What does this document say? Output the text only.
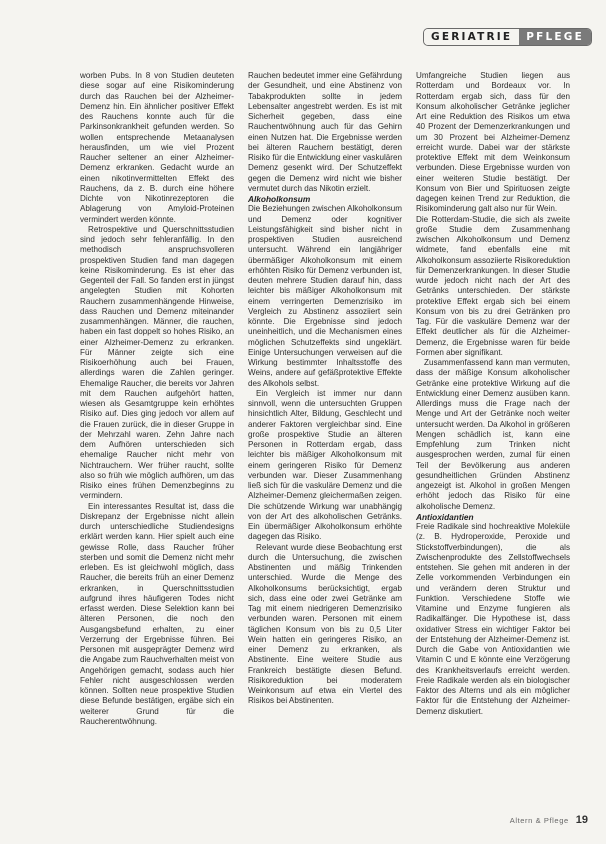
GERIATRIE	PFLEGE

worben Pubs. In 8 von Studien deuteten diese sogar auf eine Risikominderung durch das Rauchen bei der Alzheimer-Demenz hin. Ein ähnlicher positiver Effekt des Rauchens konnte auch für die Parkinsonkrankheit gefunden werden. So wollen entsprechende Metaanalysen herausfinden, um wie viel Prozent Raucher seltener an einer Alzheimer-Demenz erkranken. Gedacht wurde an einen nikotinvermittelten Effekt des Rauchens, da z. B. durch eine höhere Dichte von Nikotinrezeptoren die Ablagerung von Amyloid-Proteinen vermindert werden könnte.

Retrospektive und Querschnittsstudien sind jedoch sehr fehleranfällig. In den methodisch anspruchsvolleren prospektiven Studien fand man dagegen keine Risikominderung. Es ist eher das Gegenteil der Fall. So fanden erst in jüngst angelegten Studien mit Kohorten Rauchern zusammenhängende Hinweise, dass Rauchen und Demenz miteinander zusammenhängen. Männer, die rauchen, haben ein fast doppelt so hohes Risiko, an einer Alzheimer-Demenz zu erkranken. Für Männer zeigte sich eine Risikoerhöhung auch bei Frauen, allerdings waren die Zahlen geringer. Ehemalige Raucher, die bereits vor Jahren mit dem Rauchen aufgehört hatten, wiesen als Gesamtgruppe kein erhöhtes Risiko auf. Dies ging jedoch vor allem auf die Frauen zurück, die in dieser Gruppe in der Mehrzahl waren. Zehn Jahre nach dem Aufhören unterschieden sich ehemalige Raucher nicht mehr von Nichtrauchern. Wer früher raucht, sollte also so früh wie möglich aufhören, um das Risiko eines frühen Demenzbeginns zu vermindern.

Ein interessantes Resultat ist, dass die Diskrepanz der Ergebnisse nicht allein durch unterschiedliche Studiendesigns erklärt werden kann. Hier spielt auch eine gewisse Rolle, dass Raucher früher sterben und somit die Demenz nicht mehr erleben. Es ist gleichwohl möglich, dass Raucher, die bereits früh an einer Demenz erkranken, in Querschnittsstudien aufgrund ihres häufigeren Todes nicht erfasst werden. Diese Selektion kann bei älteren Personen, die noch den Ausgangsbefund erhalten, zu einer Verzerrung der Ergebnisse führen. Bei Personen mit ausgeprägter Demenz wird die Angabe zum Rauchverhalten meist von Angehörigen gemacht, sodass auch hier Fehler nicht ausgeschlossen werden können. Sollten neue prospektive Studien diese Befunde bestätigen, ergäbe sich ein weiterer Grund für die Raucherentwöhnung.

Rauchen bedeutet immer eine Gefährdung der Gesundheit, und eine Abstinenz von Tabakprodukten sollte in jedem Lebensalter angestrebt werden. Es ist mit Sicherheit gegeben, dass eine Rauchentwöhnung auch für das Gehirn einen Nutzen hat. Die Ergebnisse werden bei älteren Rauchern bestätigt, deren Risiko für die Entwicklung einer vaskulären Demenz gesenkt wird. Der Schutzeffekt gegen die Demenz wird nicht wie bisher vermutet durch das Nikotin erzielt.

Alkoholkonsum

Die Beziehungen zwischen Alkoholkonsum und Demenz oder kognitiver Leistungsfähigkeit sind bisher nicht in prospektiven Studien ausreichend untersucht. Während ein langjähriger übermäßiger Alkoholkonsum mit einem erhöhten Risiko für Demenz verbunden ist, deuten mehrere Studien darauf hin, dass leichter bis mäßiger Alkoholkonsum mit einem verringerten Demenzrisiko im Vergleich zu Abstinenz assoziiert sein könnte. Die Ergebnisse sind jedoch uneinheitlich, und die Mechanismen eines möglichen Schutzeffekts sind ungeklärt. Einige Untersuchungen verweisen auf die Wirkung bestimmter Inhaltsstoffe des Weins, andere auf gefäßprotektive Effekte des Alkohols selbst.

Ein Vergleich ist immer nur dann sinnvoll, wenn die untersuchten Gruppen hinsichtlich Alter, Bildung, Geschlecht und anderer Faktoren vergleichbar sind. Eine große prospektive Studie an älteren Personen in Rotterdam ergab, dass leichter bis mäßiger Alkoholkonsum mit einem geringeren Risiko für Demenz verbunden war. Dieser Zusammenhang ließ sich für die vaskuläre Demenz und die Alzheimer-Demenz gleichermaßen zeigen. Die schützende Wirkung war unabhängig von der Art des alkoholischen Getränks. Ein übermäßiger Alkoholkonsum erhöhte dagegen das Risiko.

Relevant wurde diese Beobachtung erst durch die Untersuchung, die zwischen Abstinenten und mäßig Trinkenden unterschied. Wurde die Menge des Alkoholkonsums berücksichtigt, ergab sich, dass eine oder zwei Getränke am Tag mit einem niedrigeren Demenzrisiko verbunden waren. Personen mit einem täglichen Konsum von bis zu 0,5 Liter Wein hatten ein geringeres Risiko, an einer Demenz zu erkranken, als Abstinente. Eine weitere Studie aus Frankreich bestätigte diesen Befund. Risikoreduktion bei moderatem Weinkonsum auf etwa ein Viertel des Risikos bei Abstinenten.

Umfangreiche Studien liegen aus Rotterdam und Bordeaux vor. In Rotterdam ergab sich, dass für den Konsum alkoholischer Getränke jeglicher Art eine Reduktion des Risikos um etwa 40 Prozent der Demenzerkrankungen und um 30 Prozent bei Alzheimer-Demenz erreicht wurde. Dabei war der stärkste protektive Effekt mit dem Weinkonsum verbunden. Diese Ergebnisse wurden von einer weiteren Studie bestätigt. Der Konsum von Bier und Spirituosen zeigte dagegen keinen Trend zur Reduktion, die Risikominderung galt also nur für Wein.

Die Rotterdam-Studie, die sich als zweite große Studie dem Zusammenhang zwischen Alkoholkonsum und Demenz widmete, fand ebenfalls eine mit Alkoholkonsum assoziierte Risikoreduktion für Demenzerkrankungen. In dieser Studie wurde jedoch nicht nach der Art des Getränks unterschieden. Der stärkste protektive Effekt ergab sich bei einem Konsum von bis zu drei Getränken pro Tag. Für die vaskuläre Demenz war der Effekt deutlicher als für die Alzheimer-Demenz, die Ergebnisse waren für beide Formen aber signifikant.

Zusammenfassend kann man vermuten, dass der mäßige Konsum alkoholischer Getränke eine protektive Wirkung auf die Entwicklung einer Demenz ausüben kann. Allerdings muss die Frage nach der Menge und Art der Getränke noch weiter untersucht werden. Da Alkohol in größeren Mengen schädlich ist, kann eine Empfehlung zum Trinken nicht ausgesprochen werden, zumal für einen Teil der Bevölkerung aus anderen gesundheitlichen Gründen Abstinenz angezeigt ist. Alkohol in großen Mengen erhöht jedoch das Risiko für eine alkoholische Demenz.

Antioxidantien

Freie Radikale sind hochreaktive Moleküle (z. B. Hydroperoxide, Peroxide und Stickstoffverbindungen), die als Zwischenprodukte des Zellstoffwechsels entstehen. Sie gehen mit anderen in der Zelle vorkommenden Verbindungen ein und verändern deren Struktur und Funktion. Verschiedene Stoffe wie Vitamine und Enzyme fungieren als Radikalfänger. Die Hypothese ist, dass oxidativer Stress ein wichtiger Faktor bei der Entstehung der Alzheimer-Demenz ist. Durch die Gabe von Antioxidantien wie Vitamin C und E könnte eine Verzögerung des Krankheitsverlaufs erreicht werden. Freie Radikale werden als ein biologischer Faktor des Alterns und als ein möglicher Faktor für die Entstehung der Alzheimer-Demenz diskutiert.

Altern & Pflege 19
